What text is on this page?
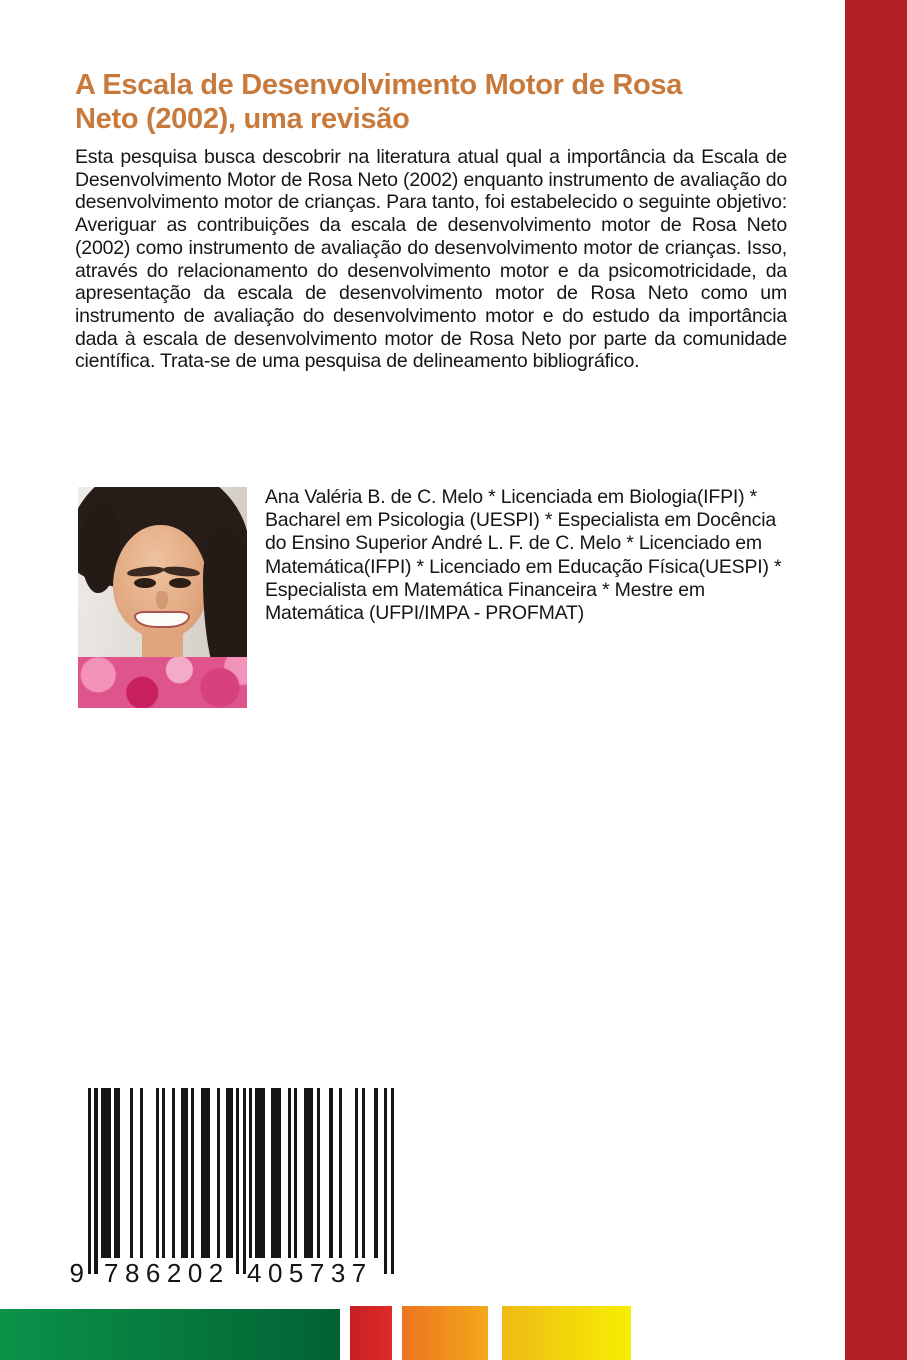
A Escala de Desenvolvimento Motor de Rosa
Neto (2002), uma revisão
Esta pesquisa busca descobrir na literatura atual qual a importância da Escala de Desenvolvimento Motor de Rosa Neto (2002) enquanto instrumento de avaliação do desenvolvimento motor de crianças. Para tanto, foi estabelecido o seguinte objetivo: Averiguar as contribuições da escala de desenvolvimento motor de Rosa Neto (2002) como instrumento de avaliação do desenvolvimento motor de crianças. Isso, através do relacionamento do desenvolvimento motor e da psicomotricidade, da apresentação da escala de desenvolvimento motor de Rosa Neto como um instrumento de avaliação do desenvolvimento motor e do estudo da importância dada à escala de desenvolvimento motor de Rosa Neto por parte da comunidade científica. Trata-se de uma pesquisa de delineamento bibliográfico.
Ana Valéria B. de C. Melo * Licenciada em Biologia(IFPI) * Bacharel em Psicologia (UESPI) * Especialista em Docência do Ensino Superior André L. F. de C. Melo * Licenciado em Matemática(IFPI) * Licenciado em Educação Física(UESPI) * Especialista em Matemática Financeira * Mestre em Matemática (UFPI/IMPA - PROFMAT)
9 786202 405737
